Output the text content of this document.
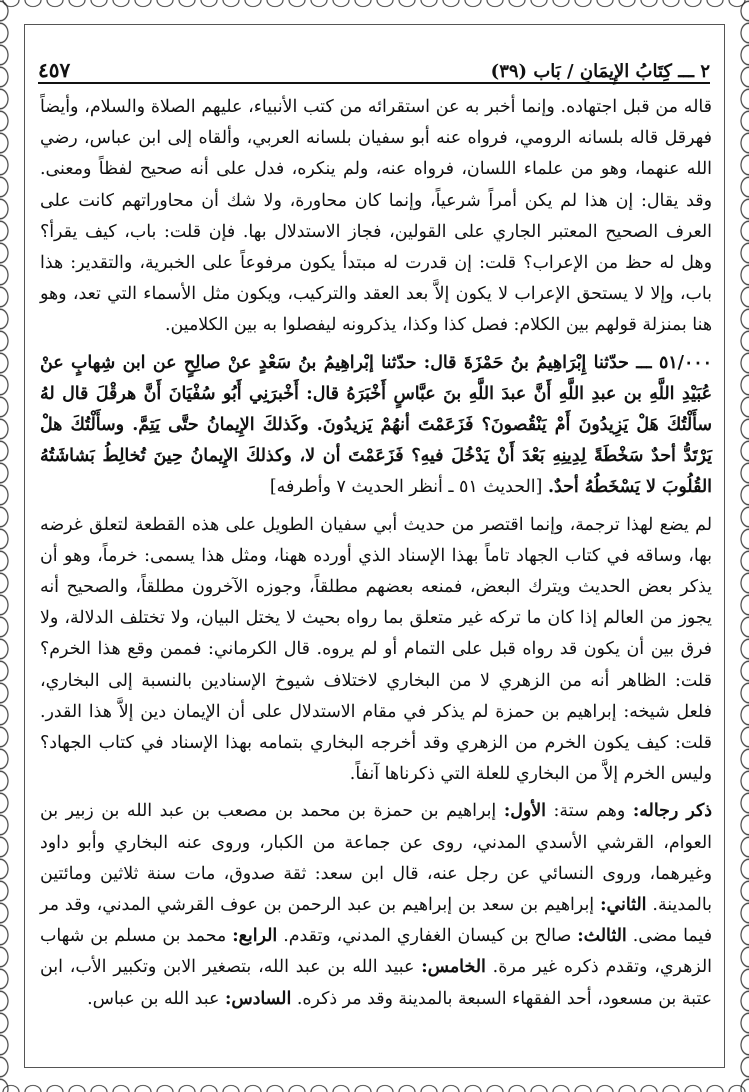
٢ ـــ كِتَابُ الإِيمَانِ / بَاب (٣٩)
٤٥٧

قاله من قبل اجتهاده. وإنما أخبر به عن استقرائه من كتب الأنبياء، عليهم الصلاة والسلام، وأيضاً فهرقل قاله بلسانه الرومي، فرواه عنه أبو سفيان بلسانه العربي، وألقاه إلى ابن عباس، رضي الله عنهما، وهو من علماء اللسان، فرواه عنه، ولم ينكره، فدل على أنه صحيح لفظاً ومعنى. وقد يقال: إن هذا لم يكن أمراً شرعياً، وإنما كان محاورة، ولا شك أن محاوراتهم كانت على العرف الصحيح المعتبر الجاري على القولين، فجاز الاستدلال بها. فإن قلت: باب، كيف يقرأ؟ وهل له حظ من الإعراب؟ قلت: إن قدرت له مبتدأ يكون مرفوعاً على الخبرية، والتقدير: هذا باب، وإلا لا يستحق الإعراب لا يكون إلاَّ بعد العقد والتركيب، ويكون مثل الأسماء التي تعد، وهو هنا بمنزلة قولهم بين الكلام: فصل كذا وكذا، يذكرونه ليفصلوا به بين الكلامين.

٥١/٠٠٠ ـــ حدّثنا إِبْرَاهِيمُ بنُ حَمْزَةَ قال: حدّثنا إبْراهِيمُ بنُ سَعْدٍ عنْ صالِحٍ عن ابن شِهابٍ عنْ عُبَيْدِ اللَّهِ بن عبدِ اللَّهِ أَنَّ عبدَ اللَّهِ بنَ عبَّاسٍ أَخْبَرَهُ قال: أَخْبرَنِي أَبُو سُفْيَانَ أَنَّ هرقْلَ قال لهُ سأَلْتُكَ هَلْ يَزِيدُونَ أَمْ يَنْقُصونَ؟ فَزَعَمْتَ أنهُمْ يَزيدُونَ. وكَذلكَ الإِيمانُ حتَّى يَتِمَّ. وسأَلْتُكَ هلْ يَرْتَدُّ أحدٌ سَخْطَةً لِدِينِهِ بَعْدَ أَنْ يَدْخُلَ فيهِ؟ فَزَعَمْتَ أن لا، وكذلكَ الإِيمانُ حِينَ تُخالِطُ بَشاشَتُهُ القُلُوبَ لا يَسْخَطُهُ أحدٌ. [الحديث ٥١ ـ أنظر الحديث ٧ وأطرفه]

لم يضع لهذا ترجمة، وإنما اقتصر من حديث أبي سفيان الطويل على هذه القطعة لتعلق غرضه بها، وساقه في كتاب الجهاد تاماً بهذا الإسناد الذي أورده ههنا، ومثل هذا يسمى: خرماً، وهو أن يذكر بعض الحديث ويترك البعض، فمنعه بعضهم مطلقاً، وجوزه الآخرون مطلقاً، والصحيح أنه يجوز من العالم إذا كان ما تركه غير متعلق بما رواه بحيث لا يختل البيان، ولا تختلف الدلالة، ولا فرق بين أن يكون قد رواه قبل على التمام أو لم يروه. قال الكرماني: فممن وقع هذا الخرم؟ قلت: الظاهر أنه من الزهري لا من البخاري لاختلاف شيوخ الإسنادين بالنسبة إلى البخاري، فلعل شيخه: إبراهيم بن حمزة لم يذكر في مقام الاستدلال على أن الإيمان دين إلاَّ هذا القدر. قلت: كيف يكون الخرم من الزهري وقد أخرجه البخاري بتمامه بهذا الإسناد في كتاب الجهاد؟ وليس الخرم إلاَّ من البخاري للعلة التي ذكرناها آنفاً.

ذكر رجاله: وهم ستة: الأول: إبراهيم بن حمزة بن محمد بن مصعب بن عبد الله بن زبير بن العوام، القرشي الأسدي المدني، روى عن جماعة من الكبار، وروى عنه البخاري وأبو داود وغيرهما، وروى النسائي عن رجل عنه، قال ابن سعد: ثقة صدوق، مات سنة ثلاثين ومائتين بالمدينة. الثاني: إبراهيم بن سعد بن إبراهيم بن عبد الرحمن بن عوف القرشي المدني، وقد مر فيما مضى. الثالث: صالح بن كيسان الغفاري المدني، وتقدم. الرابع: محمد بن مسلم بن شهاب الزهري، وتقدم ذكره غير مرة. الخامس: عبيد الله بن عبد الله، بتصغير الابن وتكبير الأب، ابن عتبة بن مسعود، أحد الفقهاء السبعة بالمدينة وقد مر ذكره. السادس: عبد الله بن عباس.
